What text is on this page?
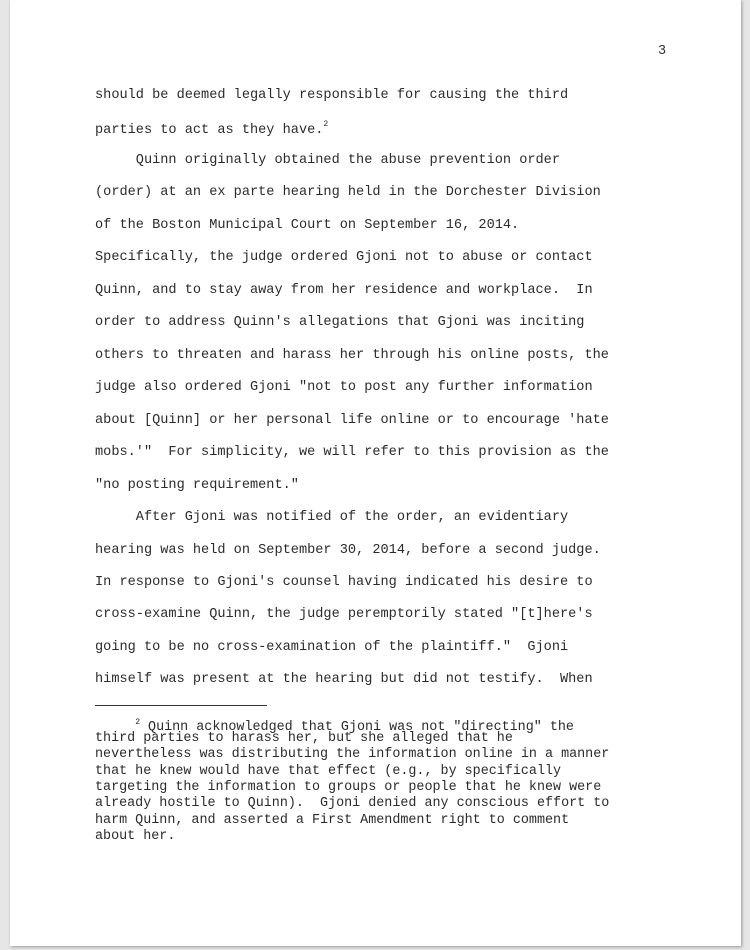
3
should be deemed legally responsible for causing the third
parties to act as they have.$^2$
Quinn originally obtained the abuse prevention order
(order) at an ex parte hearing held in the Dorchester Division
of the Boston Municipal Court on September 16, 2014.
Specifically, the judge ordered Gjoni not to abuse or contact
Quinn, and to stay away from her residence and workplace.  In
order to address Quinn's allegations that Gjoni was inciting
others to threaten and harass her through his online posts, the
judge also ordered Gjoni "not to post any further information
about [Quinn] or her personal life online or to encourage 'hate
mobs.'"  For simplicity, we will refer to this provision as the
"no posting requirement."
After Gjoni was notified of the order, an evidentiary
hearing was held on September 30, 2014, before a second judge.
In response to Gjoni's counsel having indicated his desire to
cross-examine Quinn, the judge peremptorily stated "[t]here's
going to be no cross-examination of the plaintiff."  Gjoni
himself was present at the hearing but did not testify.  When
$^2$ Quinn acknowledged that Gjoni was not "directing" the
third parties to harass her, but she alleged that he
nevertheless was distributing the information online in a manner
that he knew would have that effect (e.g., by specifically
targeting the information to groups or people that he knew were
already hostile to Quinn).  Gjoni denied any conscious effort to
harm Quinn, and asserted a First Amendment right to comment
about her.
